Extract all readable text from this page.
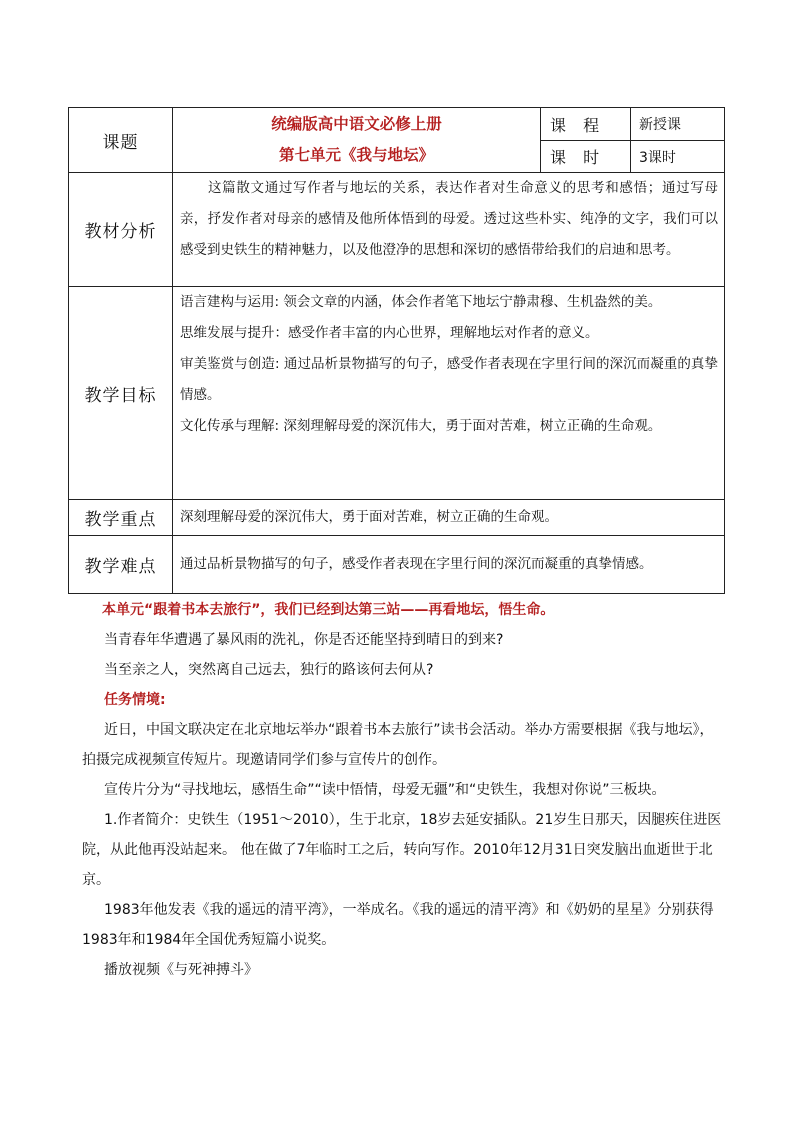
课题	统编版高中语文必修上册
第七单元《我与地坛》	课 程	新授课
		课 时	3课时
教材分析	这篇散文通过写作者与地坛的关系，表达作者对生命意义的思考和感悟；通过写母亲，抒发作者对母亲的感情及他所体悟到的母爱。透过这些朴实、纯净的文字，我们可以感受到史铁生的精神魅力，以及他澄净的思想和深切的感悟带给我们的启迪和思考。		

教学目标	语言建构与运用: 领会文章的内涵，体会作者笔下地坛宁静肃穆、生机盎然的美。

思维发展与提升：感受作者丰富的内心世界，理解地坛对作者的意义。

审美鉴赏与创造: 通过品析景物描写的句子，感受作者表现在字里行间的深沉而凝重的真挚情感。

文化传承与理解: 深刻理解母爱的深沉伟大，勇于面对苦难，树立正确的生命观。		

教学重点	深刻理解母爱的深沉伟大，勇于面对苦难，树立正确的生命观。		
教学难点	通过品析景物描写的句子，感受作者表现在字里行间的深沉而凝重的真挚情感。		

本单元“跟着书本去旅行”，我们已经到达第三站——再看地坛，悟生命。

当青春年华遭遇了暴风雨的洗礼，你是否还能坚持到晴日的到来?

当至亲之人，突然离自己远去，独行的路该何去何从?

任务情境:

近日，中国文联决定在北京地坛举办“跟着书本去旅行”读书会活动。举办方需要根据《我与地坛》，拍摄完成视频宣传短片。现邀请同学们参与宣传片的创作。

宣传片分为“寻找地坛，感悟生命”“读中悟情，母爱无疆”和“史铁生，我想对你说”三板块。

1.作者简介：史铁生（1951～2010），生于北京，18岁去延安插队。21岁生日那天，因腿疾住进医院，从此他再没站起来。 他在做了7年临时工之后，转向写作。2010年12月31日突发脑出血逝世于北京。

1983年他发表《我的遥远的清平湾》，一举成名。《我的遥远的清平湾》和《奶奶的星星》分别获得1983年和1984年全国优秀短篇小说奖。

播放视频《与死神搏斗》
